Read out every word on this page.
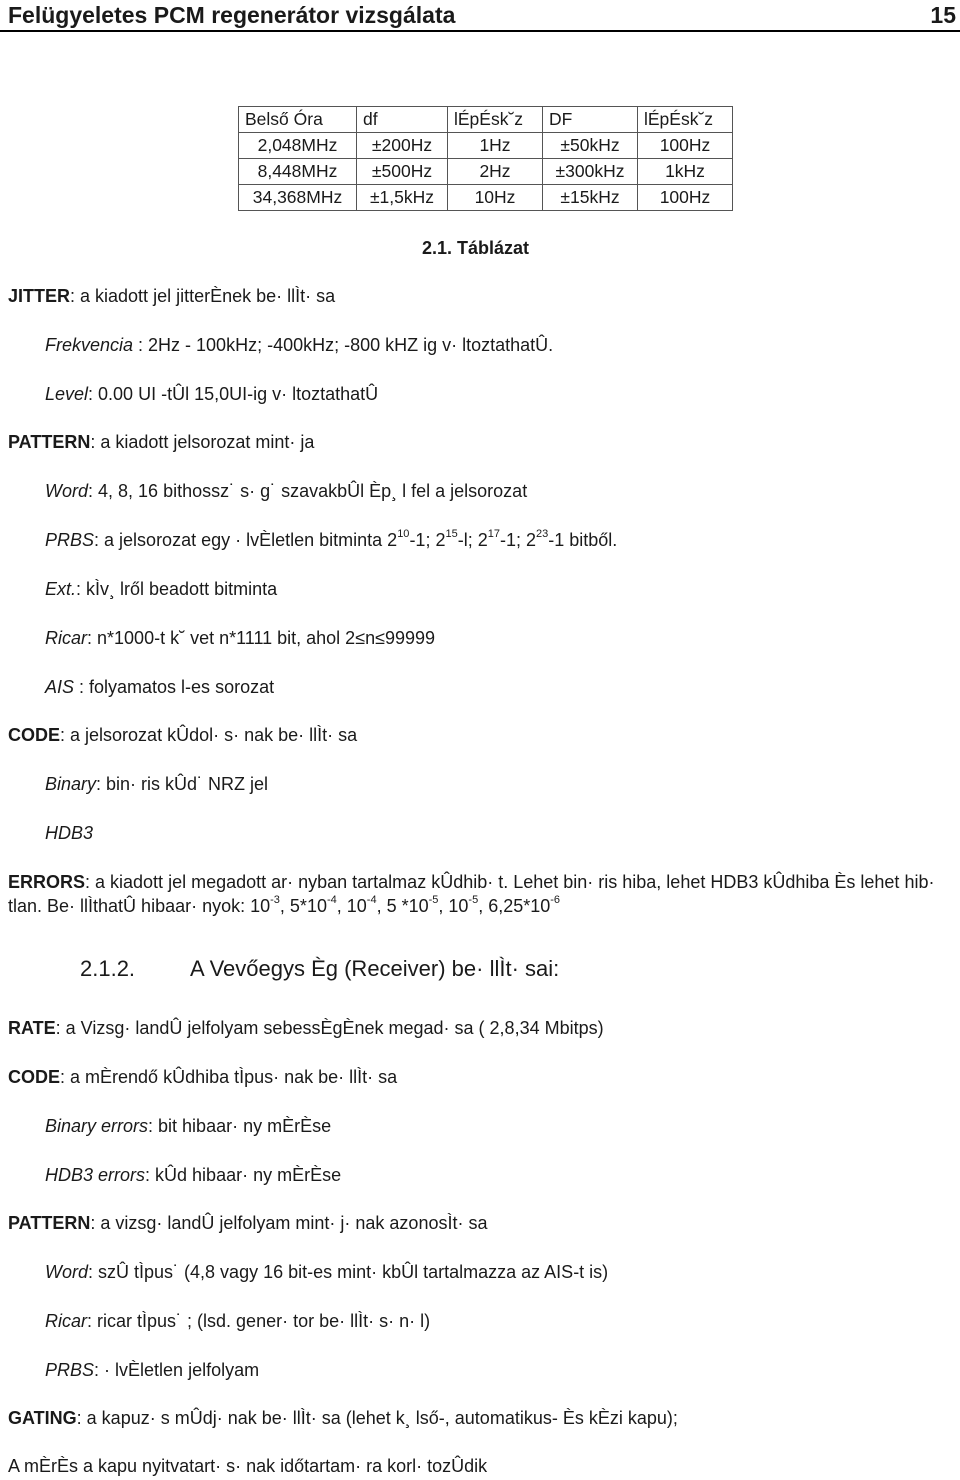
Felügyeletes PCM regenerátor vizsgálata	15
Belső Óra	df	lÉpÉsk˘z	DF	lÉpÉsk˘z
2,048MHz	±200Hz	1Hz	±50kHz	100Hz
8,448MHz	±500Hz	2Hz	±300kHz	1kHz
34,368MHz	±1,5kHz	10Hz	±15kHz	100Hz
2.1. Táblázat
JITTER: a kiadott jel jitterÈnek be· llÌt· sa
Frekvencia : 2Hz - 100kHz; -400kHz; -800 kHZ ig v· ltoztathatÛ.
Level: 0.00 UI -tÛl 15,0UI-ig v· ltoztathatÛ
PATTERN: a kiadott jelsorozat mint· ja
Word: 4, 8, 16 bithossz˙ s· g˙ szavakbÛl Èp¸ l fel a jelsorozat
PRBS: a jelsorozat egy · lvÈletlen bitminta $2^{10}-1$; $2^{15}-l$; $2^{17}-1$; $2^{23}-1$ bitből.
Ext.: kÌv¸ lről beadott bitminta
Ricar: n*1000-t k˘ vet n*1111 bit, ahol 2≤n≤99999
AIS : folyamatos l-es sorozat
CODE: a jelsorozat kÛdol· s· nak be· llÌt· sa
Binary: bin· ris kÛd˙ NRZ jel
HDB3
ERRORS: a kiadott jel megadott ar· nyban tartalmaz kÛdhib· t. Lehet bin· ris hiba, lehet HDB3 kÛdhiba Ès lehet hib· tlan. Be· llÌthatÛ hibaar· nyok: $10^{-3}$, $5*10^{-4}$, $10^{-4}$, 5 $*10^{-5}$, $10^{-5}$, $6,25*10^{-6}$
2.1.2. A Vevőegys Èg (Receiver) be· llÌt· sai:
RATE: a Vizsg· landÛ jelfolyam sebessÈgÈnek megad· sa ( 2,8,34 Mbitps)
CODE: a mÈrendő kÛdhiba tÌpus· nak be· llÌt· sa
Binary errors: bit hibaar· ny mÈrÈse
HDB3 errors: kÛd hibaar· ny mÈrÈse
PATTERN: a vizsg· landÛ jelfolyam mint· j· nak azonosÌt· sa
Word: szÛ tÌpus˙ (4,8 vagy 16 bit-es mint· kbÛl tartalmazza az AIS-t is)
Ricar: ricar tÌpus˙ ; (lsd. gener· tor be· llÌt· s· n· l)
PRBS: · lvÈletlen jelfolyam
GATING: a kapuz· s mÛdj· nak be· llÌt· sa (lehet k¸ lső-, automatikus- Ès kÈzi kapu);
A mÈrÈs a kapu nyitvatart· s· nak időtartam· ra korl· tozÛdik
